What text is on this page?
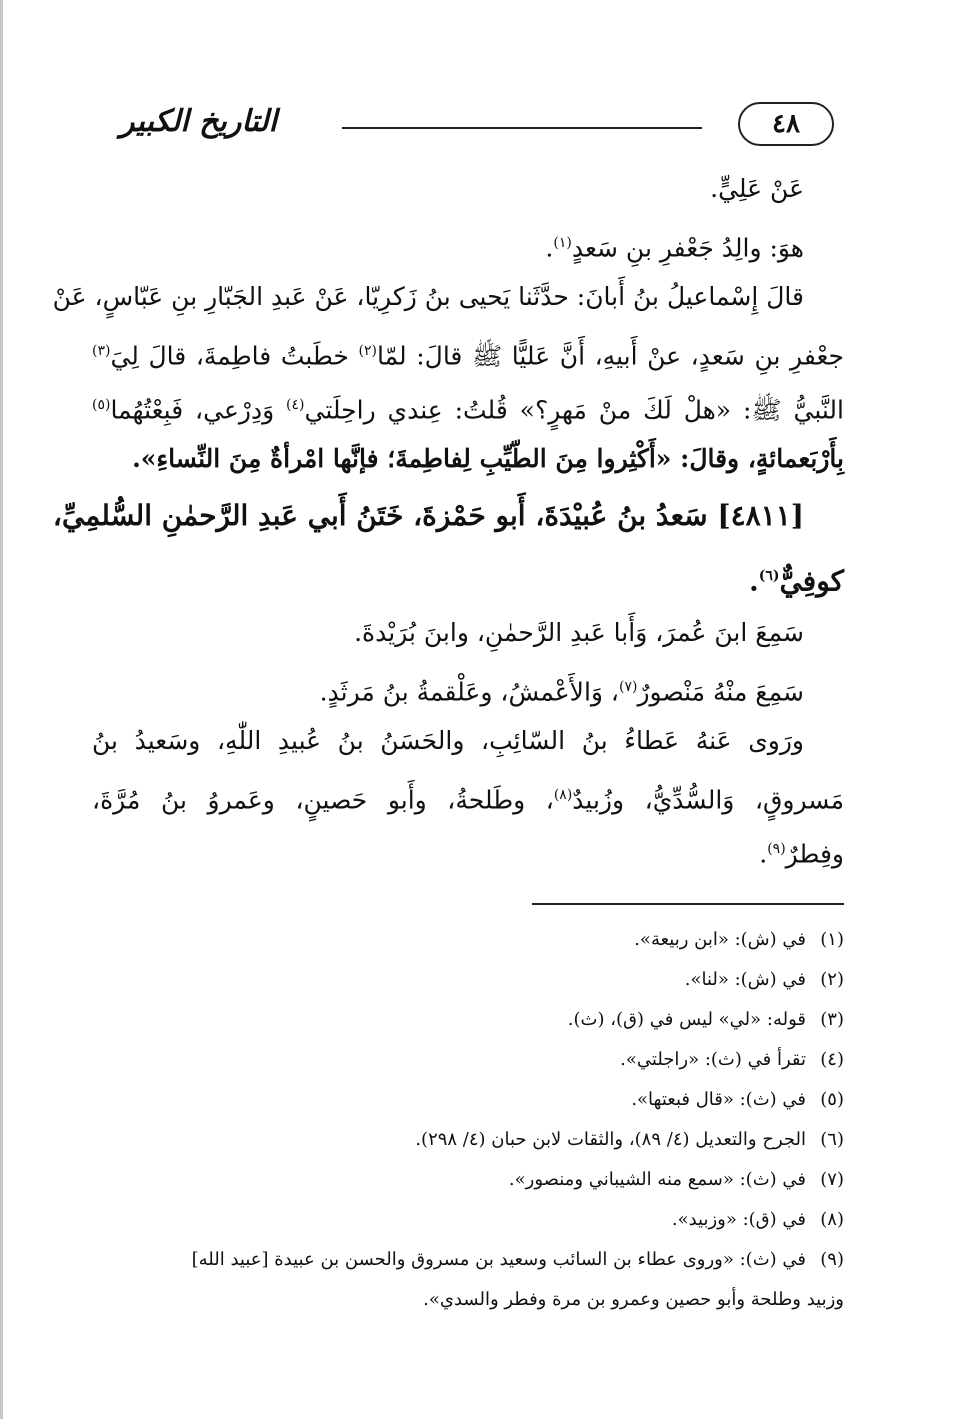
التاريخ الكبير	٤٨
عَنْ عَلِيٍّ.
هوَ: والِدُ جَعْفرِ بنِ سَعدٍ$^{(١)}$.
قالَ إِسْماعيلُ بنُ أَبانَ: حدَّثَنا يَحيى بنُ زَكرِيّا، عَنْ عَبدِ الجَبّارِ بنِ عَبّاسٍ، عَنْ
جعْفرِ بنِ سَعدٍ، عنْ أَبيهِ، أَنَّ عَليًّا ﷺ قالَ: لمّا$^{(٢)}$ خطَبتُ فاطِمةَ، قالَ لِيَ$^{(٣)}$
النَّبيُّ ﷺ: «هلْ لَكَ منْ مَهرٍ؟» قُلتُ: عِندي راحِلَتي$^{(٤)}$ وَدِرْعي، فَبِعْتُهُما$^{(٥)}$
بِأَرْبَعمائةٍ، وقالَ: «أَكْثِروا مِنَ الطّيِّبِ لِفاطِمةَ؛ فإنَّها امْرأةٌ مِنَ النِّساءِ».
[٤٨١١] سَعدُ بنُ عُبيْدَةَ، أَبو حَمْزةَ، خَتَنُ أَبي عَبدِ الرَّحمٰنِ السُّلمِيِّ،
كوفِيٌّ$^{(٦)}$.
سَمِعَ ابنَ عُمرَ، وَأَبا عَبدِ الرَّحمٰنِ، وابنَ بُرَيْدةَ.
سَمِعَ منْهُ مَنْصورٌ$^{(٧)}$، وَالأَعْمشُ، وعَلْقمةُ بنُ مَرثَدٍ.
ورَوى عَنهُ عَطاءُ بنُ السّائِبِ، والحَسَنُ بنُ عُبيدِ اللّٰهِ، وسَعيدُ بنُ
مَسروقٍ، وَالسُّدِّيُّ، وزُبيدٌ$^{(٨)}$، وطَلحةُ، وأَبو حَصينٍ، وعَمروُ بنُ مُرَّةَ،
وفِطرٌ$^{(٩)}$.
(١)في (ش): «ابن ربيعة».
(٢)في (ش): «لنا».
(٣)قوله: «لي» ليس في (ق)، (ث).
(٤)تقرأ في (ث): «راجلتي».
(٥)في (ث): «قال فبعتها».
(٦)الجرح والتعديل (٤/ ٨٩)، والثقات لابن حبان (٤/ ٢٩٨).
(٧)في (ث): «سمع منه الشيباني ومنصور».
(٨)في (ق): «وزبيد».
(٩)في (ث): «وروى عطاء بن السائب وسعيد بن مسروق والحسن بن عبيدة [عبيد الله]
وزبيد وطلحة وأبو حصين وعمرو بن مرة وفطر والسدي».
